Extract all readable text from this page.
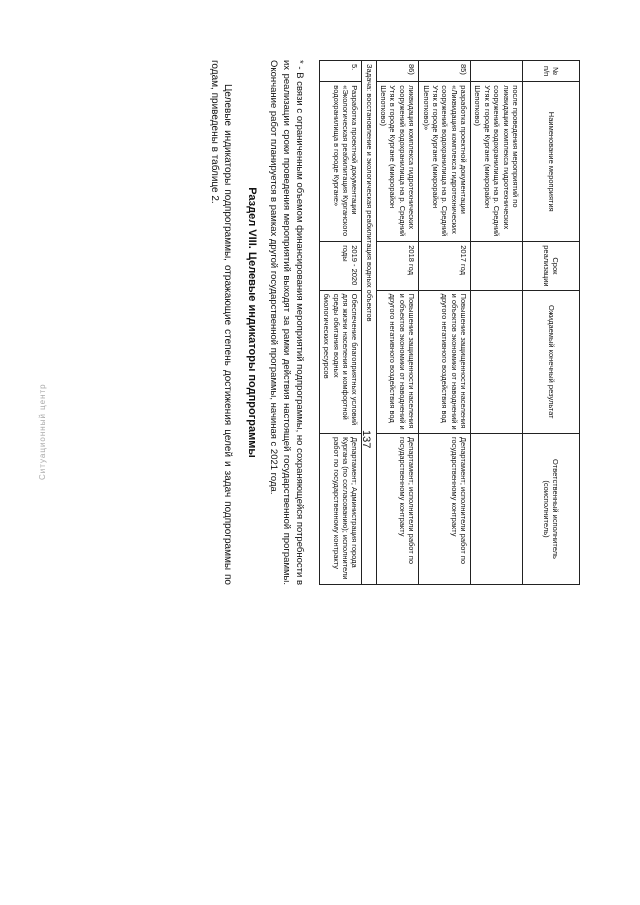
Ситуационный центр	137
№ п/п	Наименование мероприятия	Срок реализации	Ожидаемый конечный результат	Ответственный исполнитель (соисполнитель)
	после проведения мероприятий по ликвидации комплекса гидротехнических сооружений водохранилища на р. Средний Утяк в городе Кургане (микрорайон Шепотково)			
85)	разработка проектной документации «Ликвидация комплекса гидротехнических сооружений водохранилища на р. Средний Утяк в городе Кургане (микрорайон Шепотково)»	2017 год	Повышение защищенности населения и объектов экономики от наводнений и другого негативного воздействия вод	Департамент; исполнители работ по государственному контракту
86)	ликвидация комплекса гидротехнических сооружений водохранилища на р. Средний Утяк в городе Кургане (микрорайон Шепотково)	2018 год	Повышение защищенности населения и объектов экономики от наводнений и другого негативного воздействия вод	Департамент; исполнители работ по государственному контракту
Задача: восстановление и экологическая реабилитация водных объектов				
5.	Разработка проектной документации «Экологическая реабилитация Курганского водохранилища в городе Кургане»	2019 - 2020 годы	Обеспечение благоприятных условий для жизни населения и комфортной среды обитания водных биологических ресурсов	Департамент; Администрация города Кургана (по согласованию); исполнители работ по государственному контракту

* - В связи с ограниченным объемом финансирования мероприятий подпрограммы, но сохраняющейся потребности в их реализации сроки проведения мероприятий выходят за рамки действия настоящей государственной программы. Окончание работ планируется в рамках другой государственной программы, начиная с 2021 года.

Раздел VIII. Целевые индикаторы подпрограммы

Целевые индикаторы подпрограммы, отражающие степень достижения целей и задач подпрограммы по годам, приведены в таблице 2.
